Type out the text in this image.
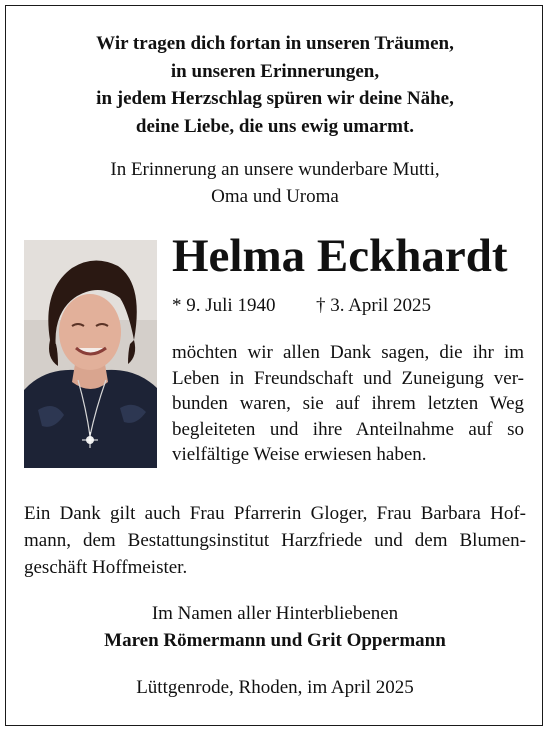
Wir tragen dich fortan in unseren Träumen,
in unseren Erinnerungen,
in jedem Herzschlag spüren wir deine Nähe,
deine Liebe, die uns ewig umarmt.
In Erinnerung an unsere wunderbare Mutti,
Oma und Uroma
Helma Eckhardt
* 9. Juli 1940 † 3. April 2025
möchten wir allen Dank sagen, die ihr im
Leben in Freundschaft und Zuneigung ver-
bunden waren, sie auf ihrem letzten Weg
begleiteten und ihre Anteilnahme auf so
vielfältige Weise erwiesen haben.
Ein Dank gilt auch Frau Pfarrerin Gloger, Frau Barbara Hof-
mann, dem Bestattungsinstitut Harzfriede und dem Blumen-
geschäft Hoffmeister.
Im Namen aller Hinterbliebenen
Maren Römermann und Grit Oppermann
Lüttgenrode, Rhoden, im April 2025
